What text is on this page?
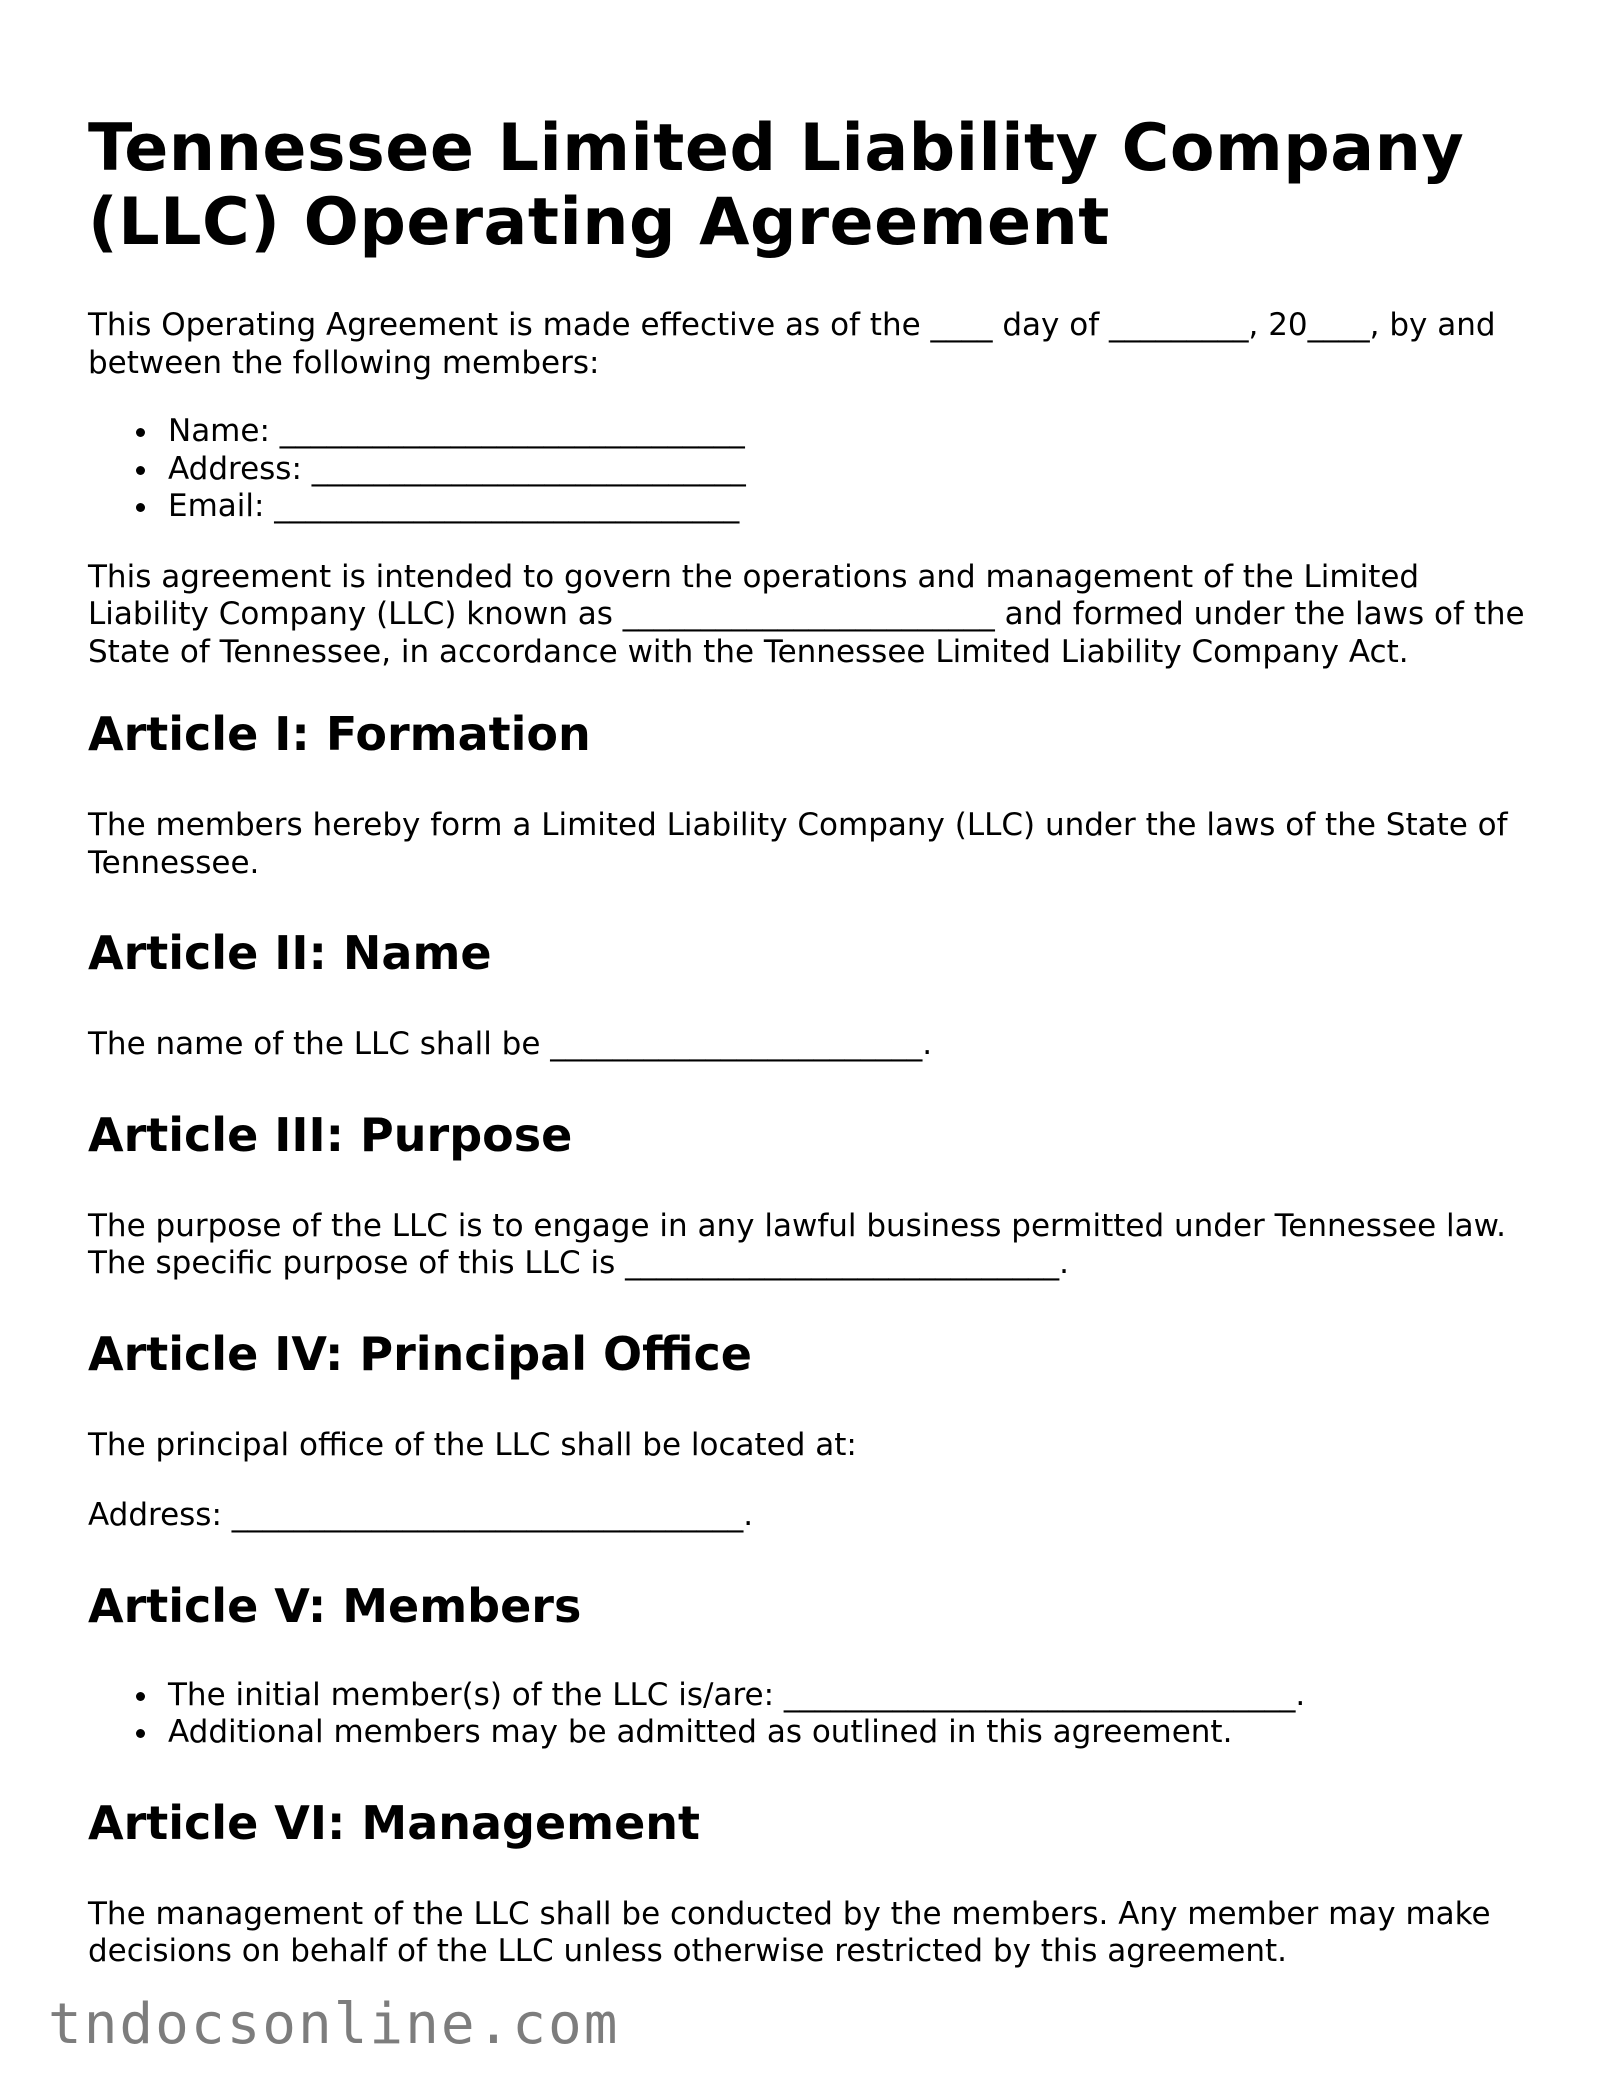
Tennessee Limited Liability Company (LLC) Operating Agreement

This Operating Agreement is made effective as of the ____ day of _________, 20____, by and between the following members:

Name: ______________________________
Address: ____________________________
Email: ______________________________

This agreement is intended to govern the operations and management of the Limited Liability Company (LLC) known as ________________________ and formed under the laws of the State of Tennessee, in accordance with the Tennessee Limited Liability Company Act.

Article I: Formation

The members hereby form a Limited Liability Company (LLC) under the laws of the State of Tennessee.

Article II: Name

The name of the LLC shall be ________________________.

Article III: Purpose

The purpose of the LLC is to engage in any lawful business permitted under Tennessee law. The specific purpose of this LLC is ____________________________.

Article IV: Principal Office

The principal office of the LLC shall be located at:

Address: _________________________________.

Article V: Members
The initial member(s) of the LLC is/are: _________________________________.
Additional members may be admitted as outlined in this agreement.
Article VI: Management

The management of the LLC shall be conducted by the members. Any member may make decisions on behalf of the LLC unless otherwise restricted by this agreement.

tndocsonline.com
